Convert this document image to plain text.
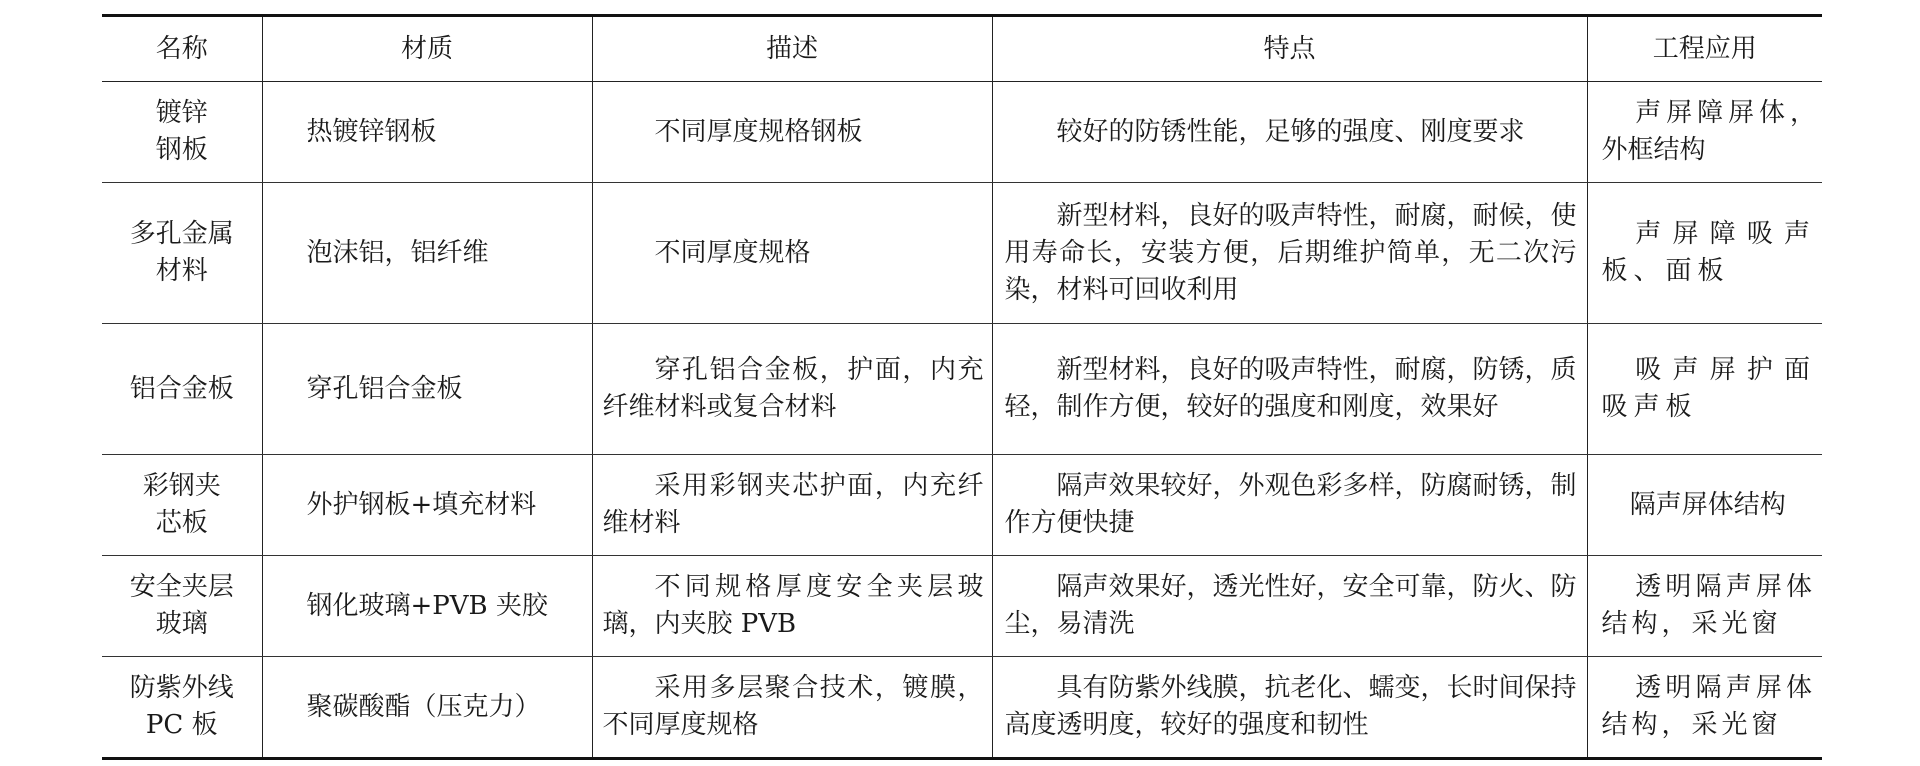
名称	材质	描述	特点	工程应用

镀锌钢板	热镀锌钢板	不同厚度规格钢板	较好的防锈性能，足够的强度、刚度要求	声屏障屏体，外框结构

多孔金属材料	泡沫铝，铝纤维	不同厚度规格	新型材料，良好的吸声特性，耐腐，耐候，使用寿命长，安装方便，后期维护简单，无二次污染，材料可回收利用	声屏障吸声板、面板

铝合金板	穿孔铝合金板	穿孔铝合金板，护面，内充纤维材料或复合材料	新型材料，良好的吸声特性，耐腐，防锈，质轻，制作方便，较好的强度和刚度，效果好	吸声屏护面吸声板

彩钢夹芯板	外护钢板+填充材料	采用彩钢夹芯护面，内充纤维材料	隔声效果较好，外观色彩多样，防腐耐锈，制作方便快捷	隔声屏体结构

安全夹层玻璃	钢化玻璃+PVB 夹胶	不同规格厚度安全夹层玻璃，内夹胶 PVB	隔声效果好，透光性好，安全可靠，防火、防尘，易清洗	透明隔声屏体结构，采光窗

防紫外线PC 板	聚碳酸酯（压克力）	采用多层聚合技术，镀膜，不同厚度规格	具有防紫外线膜，抗老化、蠕变，长时间保持高度透明度，较好的强度和韧性	透明隔声屏体结构，采光窗
